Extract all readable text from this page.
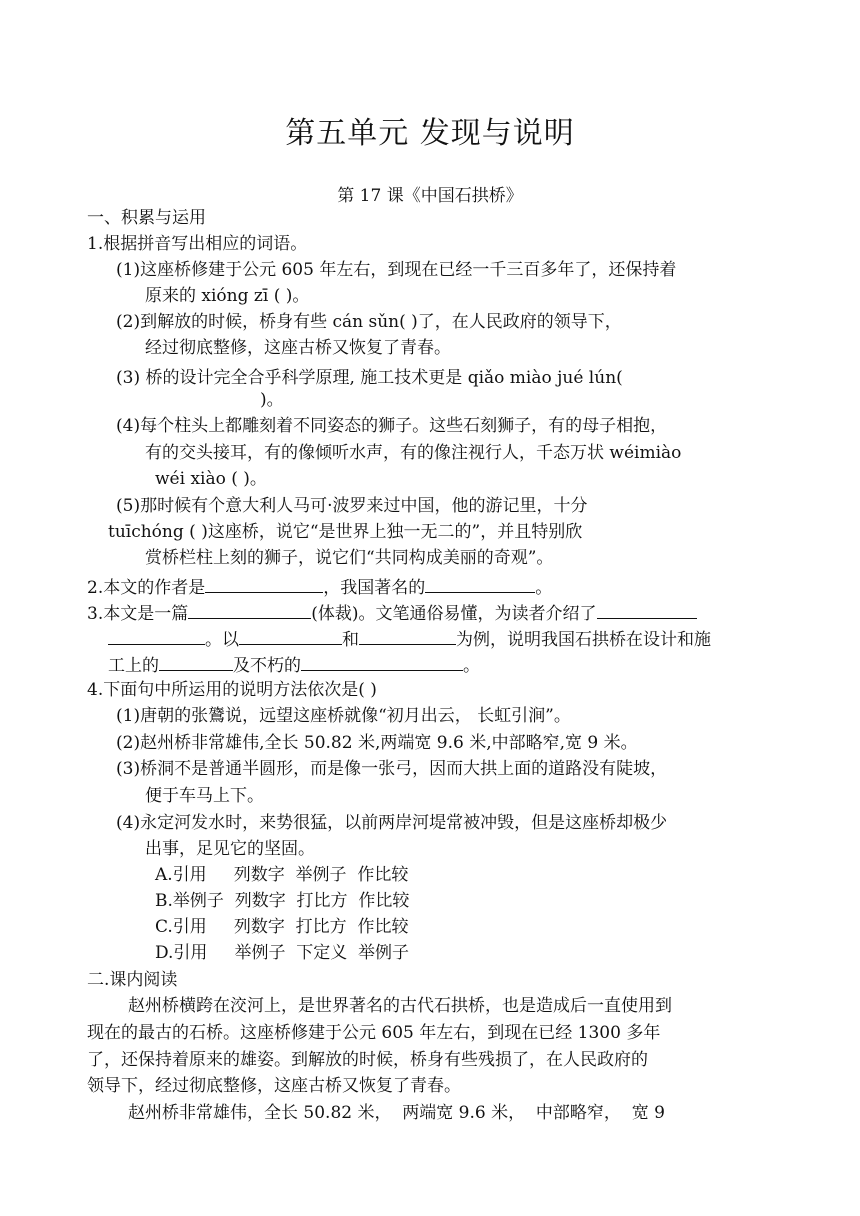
第五单元 发现与说明
第 17 课《中国石拱桥》
一、积累与运用
1.根据拼音写出相应的词语。
(1)这座桥修建于公元 605 年左右，到现在已经一千三百多年了，还保持着
原来的 xióng zī ( )。
(2)到解放的时候，桥身有些 cán sǔn( )了，在人民政府的领导下，
经过彻底整修，这座古桥又恢复了青春。
(3) 桥的设计完全合乎科学原理, 施工技术更是 qiǎo miào jué lún(
)。
(4)每个柱头上都雕刻着不同姿态的狮子。这些石刻狮子，有的母子相抱，
有的交头接耳，有的像倾听水声，有的像注视行人，千态万状 wéimiào
wéi xiào ( )。
(5)那时候有个意大利人马可·波罗来过中国，他的游记里，十分
tuīchóng ( )这座桥，说它“是世界上独一无二的”，并且特别欣
赏桥栏柱上刻的狮子，说它们“共同构成美丽的奇观”。
2.本文的作者是	，我国著名的	。
3.本文是一篇	(体裁)。文笔通俗易懂，为读者介绍了
。以	和	为例，说明我国石拱桥在设计和施
工上的	及不朽的	。
4.下面句中所运用的说明方法依次是( )
(1)唐朝的张鷟说，远望这座桥就像“初月出云， 长虹引涧”。
(2)赵州桥非常雄伟,全长 50.82 米,两端宽 9.6 米,中部略窄,宽 9 米。
(3)桥洞不是普通半圆形，而是像一张弓，因而大拱上面的道路没有陡坡，
便于车马上下。
(4)永定河发水时，来势很猛，以前两岸河堤常被冲毁，但是这座桥却极少
出事，足见它的坚固。
A.引用     列数字  举例子  作比较
B.举例子  列数字  打比方  作比较
C.引用     列数字  打比方  作比较
D.引用     举例子  下定义  举例子
二.课内阅读
赵州桥横跨在洨河上，是世界著名的古代石拱桥，也是造成后一直使用到
现在的最古的石桥。这座桥修建于公元 605 年左右，到现在已经 1300 多年
了，还保持着原来的雄姿。到解放的时候，桥身有些残损了，在人民政府的
领导下，经过彻底整修，这座古桥又恢复了青春。
赵州桥非常雄伟，全长 50.82 米，  两端宽 9.6 米，  中部略窄，  宽 9
